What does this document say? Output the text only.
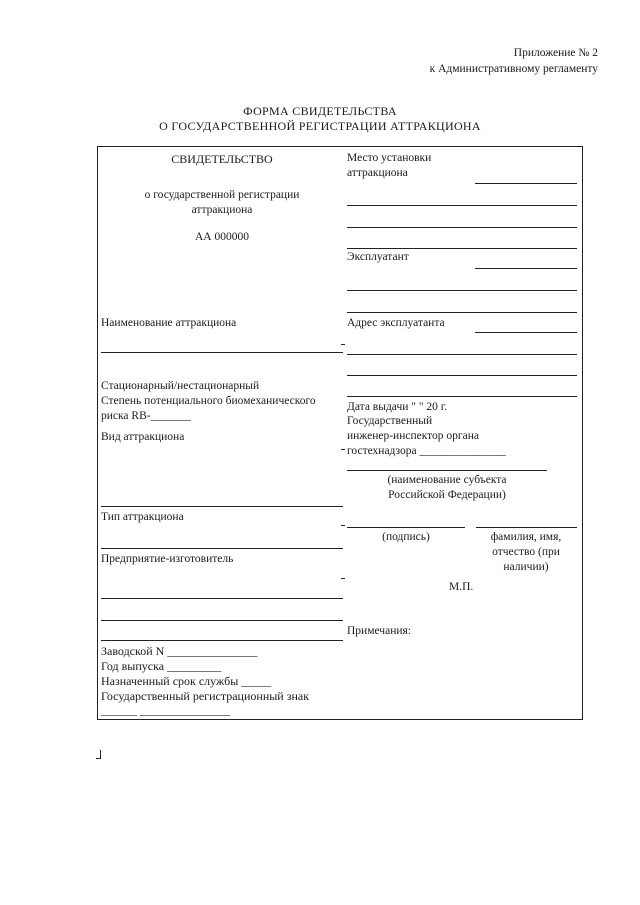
Приложение № 2
к Административному регламенту
ФОРМА СВИДЕТЕЛЬСТВА
О ГОСУДАРСТВЕННОЙ РЕГИСТРАЦИИ АТТРАКЦИОНА
СВИДЕТЕЛЬСТВО
о государственной регистрации
аттракциона
АА 000000
Наименование аттракциона
Стационарный/нестационарный
Степень потенциального биомеханического
риска RB-_______
Вид аттракциона
Тип аттракциона
Предприятие-изготовитель
Заводской N _______________
Год выпуска _________
Назначенный срок службы _____
Государственный регистрационный знак
______ _______________
Место установки
аттракциона
Эксплуатант
Адрес эксплуатанта
Дата выдачи " " 20 г.
Государственный
инженер-инспектор органа
гостехнадзора _______________
(наименование субъекта
Российской Федерации)
(подпись)	фамилия, имя,
отчество (при
наличии)
М.П.
Примечания:
